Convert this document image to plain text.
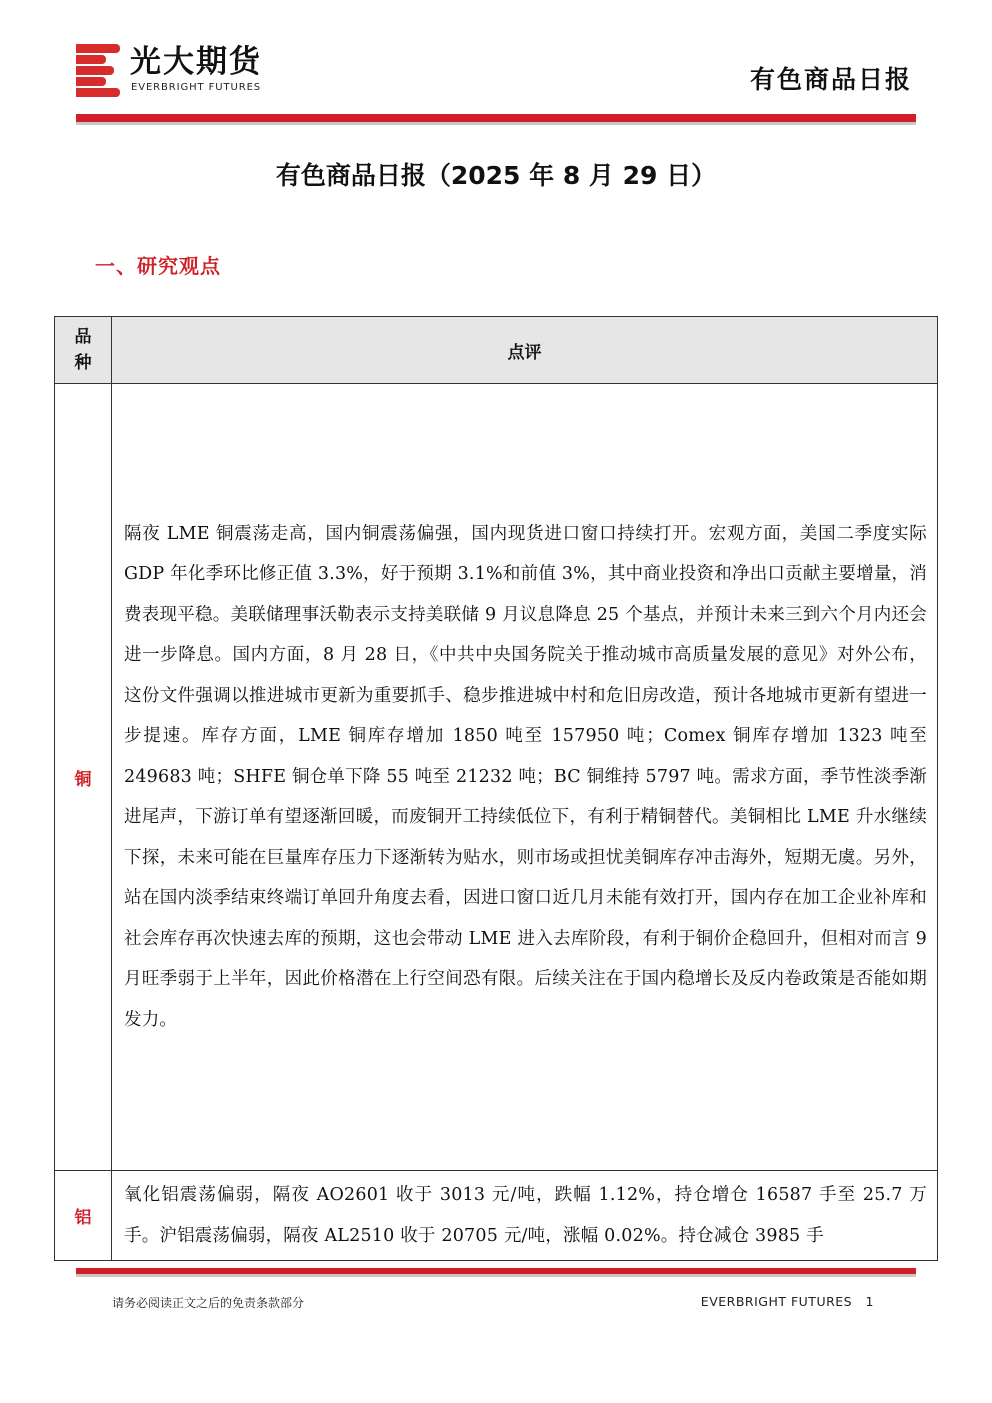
光大期货
EVERBRIGHT FUTURES	有色商品日报
有色商品日报（2025 年 8 月 29 日）
一、研究观点
品种	点评
铜	隔夜 LME 铜震荡走高，国内铜震荡偏强，国内现货进口窗口持续打开。宏观方面，美国二季度实际 GDP 年化季环比修正值 3.3%，好于预期 3.1%和前值 3%，其中商业投资和净出口贡献主要增量，消费表现平稳。美联储理事沃勒表示支持美联储 9 月议息降息 25 个基点，并预计未来三到六个月内还会进一步降息。国内方面，8 月 28 日，《中共中央国务院关于推动城市高质量发展的意见》对外公布，这份文件强调以推进城市更新为重要抓手、稳步推进城中村和危旧房改造，预计各地城市更新有望进一步提速。库存方面，LME 铜库存增加 1850 吨至 157950 吨；Comex 铜库存增加 1323 吨至 249683 吨；SHFE 铜仓单下降 55 吨至 21232 吨；BC 铜维持 5797 吨。需求方面，季节性淡季渐进尾声，下游订单有望逐渐回暖，而废铜开工持续低位下，有利于精铜替代。美铜相比 LME 升水继续下探，未来可能在巨量库存压力下逐渐转为贴水，则市场或担忧美铜库存冲击海外，短期无虞。另外，站在国内淡季结束终端订单回升角度去看，因进口窗口近几月未能有效打开，国内存在加工企业补库和社会库存再次快速去库的预期，这也会带动 LME 进入去库阶段，有利于铜价企稳回升，但相对而言 9 月旺季弱于上半年，因此价格潜在上行空间恐有限。后续关注在于国内稳增长及反内卷政策是否能如期发力。
铝	氧化铝震荡偏弱，隔夜 AO2601 收于 3013 元/吨，跌幅 1.12%，持仓增仓 16587 手至 25.7 万手。沪铝震荡偏弱，隔夜 AL2510 收于 20705 元/吨，涨幅 0.02%。持仓减仓 3985 手
请务必阅读正文之后的免责条款部分	EVERBRIGHT FUTURES 1
